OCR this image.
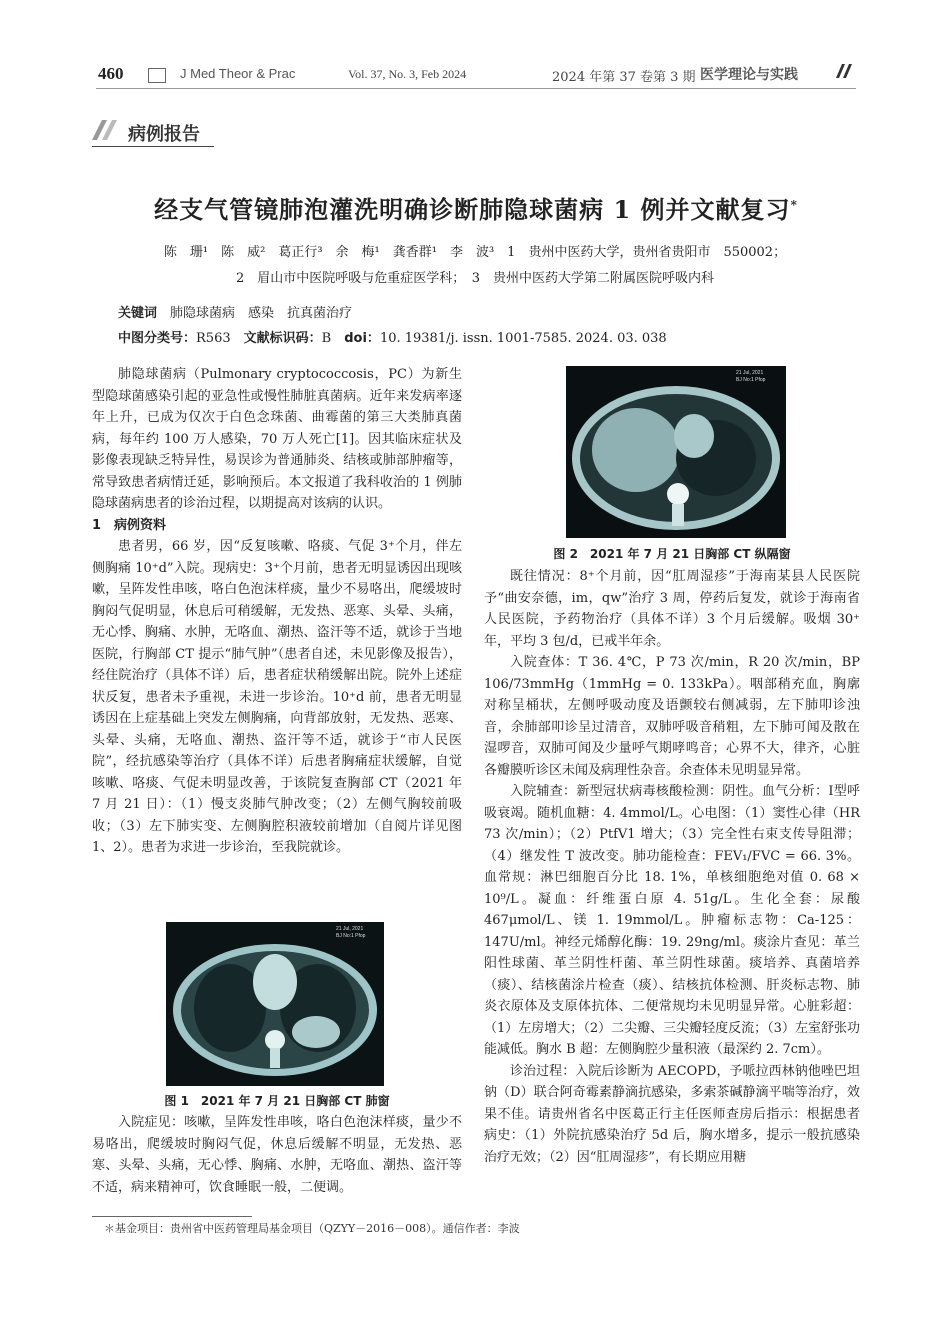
460	J Med Theor & Prac	Vol. 37, No. 3, Feb 2024	2024 年第 37 卷第 3 期 医学理论与实践
病例报告
经支气管镜肺泡灌洗明确诊断肺隐球菌病 1 例并文献复习*
陈　珊¹　陈　威²　葛正行³　余　梅¹　龚香群¹　李　波³　1　贵州中医药大学，贵州省贵阳市　550002；
2　眉山市中医院呼吸与危重症医学科；　3　贵州中医药大学第二附属医院呼吸内科
关键词　 肺隐球菌病　感染　抗真菌治疗
中图分类号：R563　 文献标识码：B　 doi：10. 19381/j. issn. 1001-7585. 2024. 03. 038

肺隐球菌病（Pulmonary cryptococcosis，PC）为新生型隐球菌感染引起的亚急性或慢性肺脏真菌病。近年来发病率逐年上升，已成为仅次于白色念珠菌、曲霉菌的第三大类肺真菌病，每年约 100 万人感染，70 万人死亡[1]。因其临床症状及影像表现缺乏特异性，易误诊为普通肺炎、结核或肺部肿瘤等，常导致患者病情迁延，影响预后。本文报道了我科收治的 1 例肺隐球菌病患者的诊治过程，以期提高对该病的认识。

1　病例资料

患者男，66 岁，因“反复咳嗽、咯痰、气促 3⁺个月，伴左侧胸痛 10⁺d”入院。现病史：3⁺个月前，患者无明显诱因出现咳嗽，呈阵发性串咳，咯白色泡沫样痰，量少不易咯出，爬缓坡时胸闷气促明显，休息后可稍缓解，无发热、恶寒、头晕、头痛，无心悸、胸痛、水肿，无咯血、潮热、盗汗等不适，就诊于当地医院，行胸部 CT 提示“肺气肿”（患者自述，未见影像及报告），经住院治疗（具体不详）后，患者症状稍缓解出院。院外上述症状反复，患者未予重视，未进一步诊治。10⁺d 前，患者无明显诱因在上症基础上突发左侧胸痛，向背部放射，无发热、恶寒、头晕、头痛，无咯血、潮热、盗汗等不适，就诊于“市人民医院”，经抗感染等治疗（具体不详）后患者胸痛症状缓解，自觉咳嗽、咯痰、气促未明显改善，于该院复查胸部 CT（2021 年 7 月 21 日）：（1）慢支炎肺气肿改变；（2）左侧气胸较前吸收；（3）左下肺实变、左侧胸腔积液较前增加（自阅片详见图 1、2）。患者为求进一步诊治，至我院就诊。

21 Jul, 2021
BJ No:1 Pfop
图 1　2021 年 7 月 21 日胸部 CT 肺窗

入院症见：咳嗽，呈阵发性串咳，咯白色泡沫样痰，量少不易咯出，爬缓坡时胸闷气促，休息后缓解不明显，无发热、恶寒、头晕、头痛，无心悸、胸痛、水肿，无咯血、潮热、盗汗等不适，病来精神可，饮食睡眠一般，二便调。

21 Jul, 2021
BJ No:1 Pfop
图 2　2021 年 7 月 21 日胸部 CT 纵隔窗

既往情况：8⁺个月前，因“肛周湿疹”于海南某县人民医院予“曲安奈德，im，qw”治疗 3 周，停药后复发，就诊于海南省人民医院，予药物治疗（具体不详）3 个月后缓解。吸烟 30⁺年，平均 3 包/d，已戒半年余。

入院查体：T 36. 4℃，P 73 次/min，R 20 次/min，BP 106/73mmHg（1mmHg = 0. 133kPa）。咽部稍充血，胸廓对称呈桶状，左侧呼吸动度及语颤较右侧减弱，左下肺叩诊浊音，余肺部叩诊呈过清音，双肺呼吸音稍粗，左下肺可闻及散在湿啰音，双肺可闻及少量呼气期哮鸣音；心界不大，律齐，心脏各瓣膜听诊区未闻及病理性杂音。余查体未见明显异常。

入院辅查：新型冠状病毒核酸检测：阴性。血气分析：Ⅰ型呼吸衰竭。随机血糖：4. 4mmol/L。心电图：（1）窦性心律（HR 73 次/min）；（2）PtfV1 增大；（3）完全性右束支传导阻滞；（4）继发性 T 波改变。肺功能检查：FEV₁/FVC = 66. 3%。血常规：淋巴细胞百分比 18. 1%，单核细胞绝对值 0. 68 × 10⁹/L。凝血：纤维蛋白原 4. 51g/L。生化全套：尿酸 467μmol/L、镁 1. 19mmol/L。肿瘤标志物：Ca-125：147U/ml。神经元烯醇化酶：19. 29ng/ml。痰涂片查见：革兰阳性球菌、革兰阴性杆菌、革兰阴性球菌。痰培养、真菌培养（痰）、结核菌涂片检查（痰）、结核抗体检测、肝炎标志物、肺炎衣原体及支原体抗体、二便常规均未见明显异常。心脏彩超：（1）左房增大；（2）二尖瓣、三尖瓣轻度反流；（3）左室舒张功能减低。胸水 B 超：左侧胸腔少量积液（最深约 2. 7cm）。

诊治过程：入院后诊断为 AECOPD，予哌拉西林钠他唑巴坦钠（D）联合阿奇霉素静滴抗感染，多索茶碱静滴平喘等治疗，效果不佳。请贵州省名中医葛正行主任医师查房后指示：根据患者病史：（1）外院抗感染治疗 5d 后，胸水增多，提示一般抗感染治疗无效；（2）因“肛周湿疹”，有长期应用糖

＊基金项目：贵州省中医药管理局基金项目（QZYY－2016－008）。通信作者：李波
